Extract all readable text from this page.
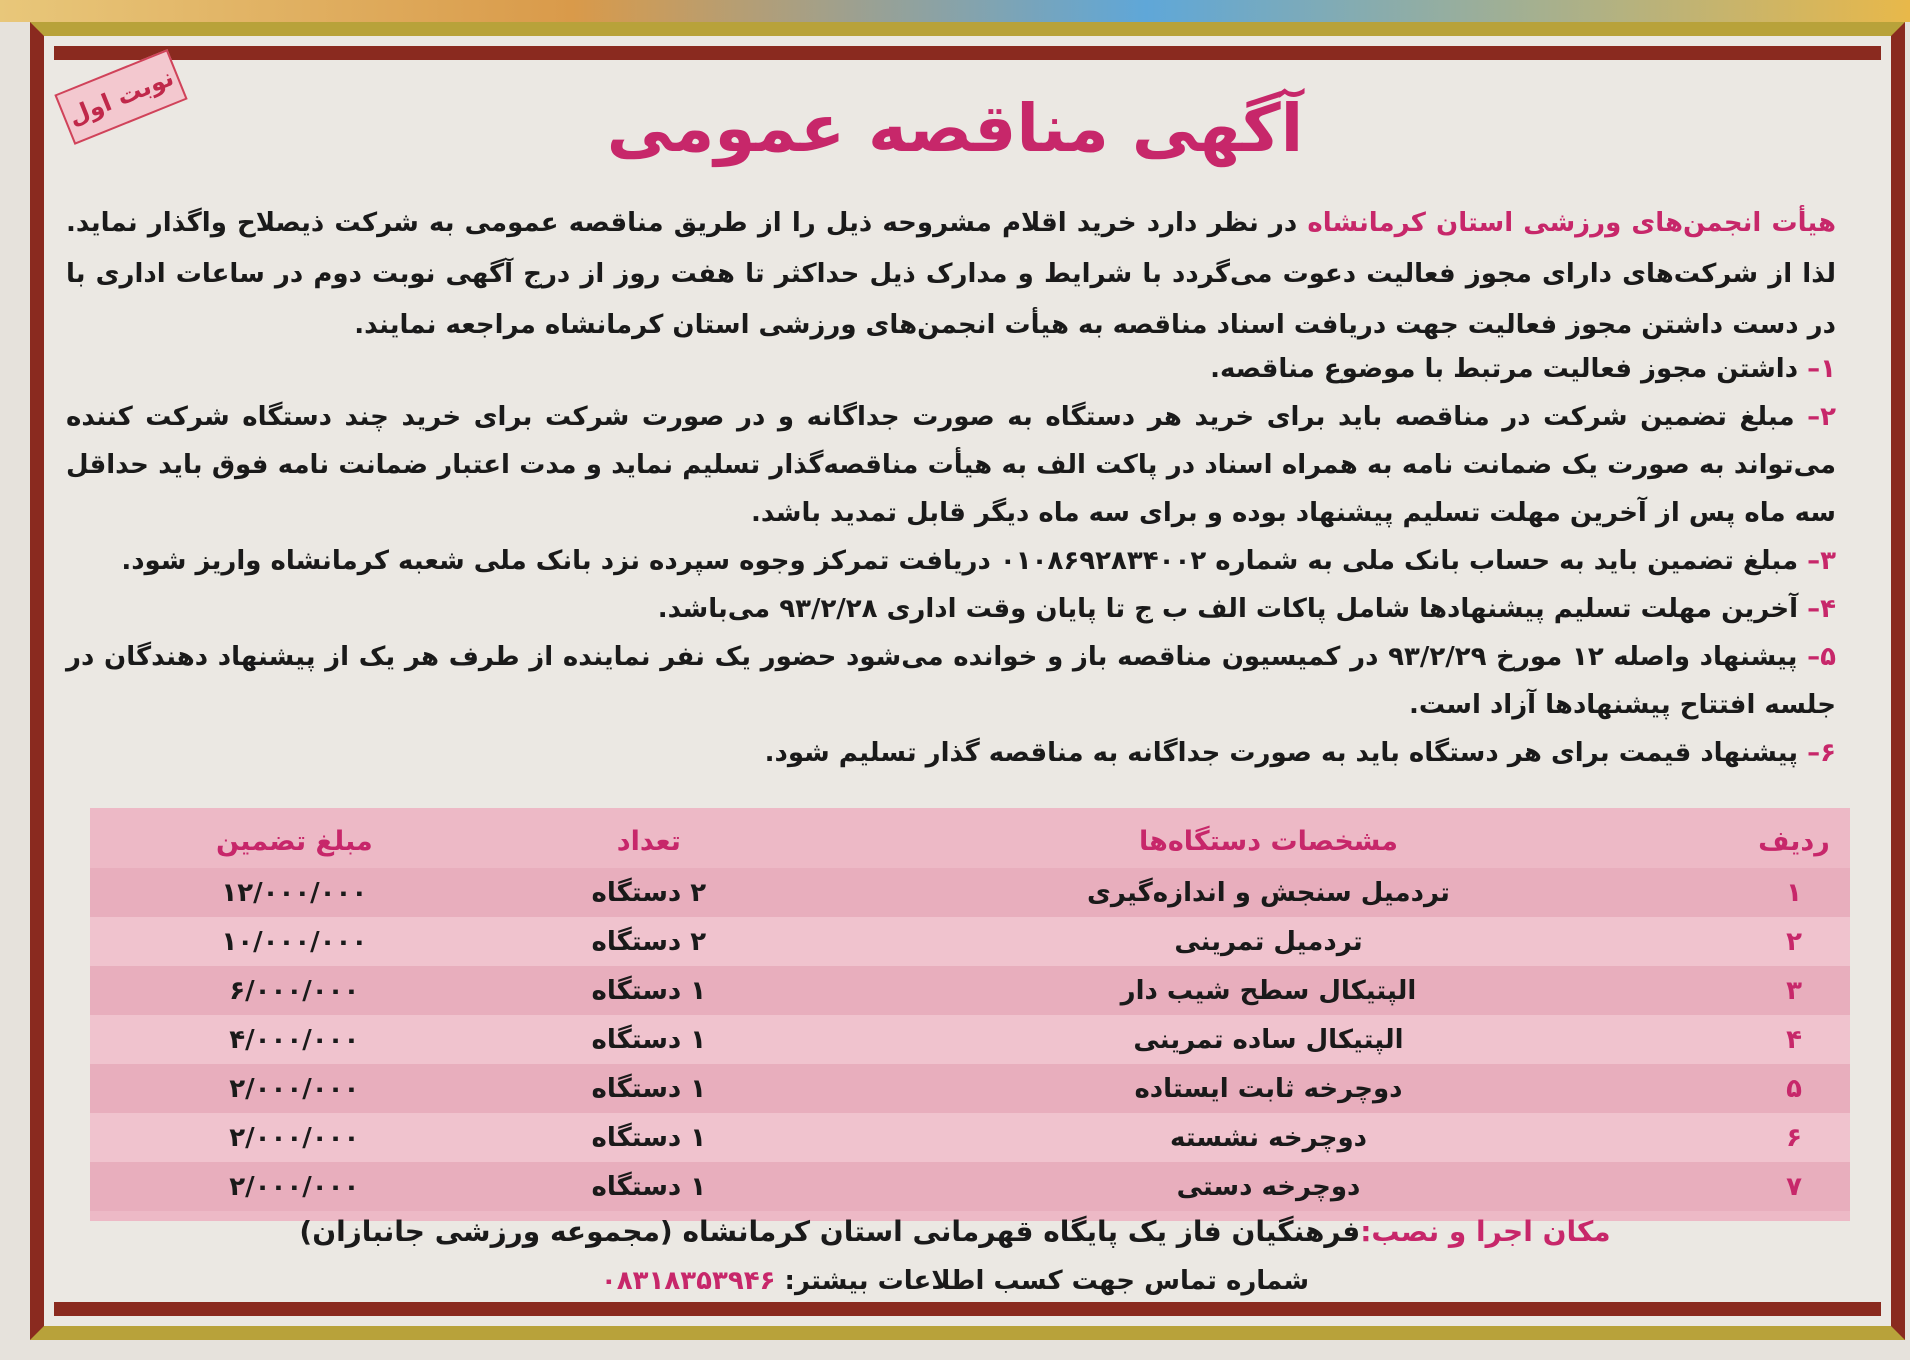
نوبت اول	آگهی مناقصه عمومی
هیأت انجمن‌های ورزشی استان کرمانشاه در نظر دارد خرید اقلام مشروحه ذیل را از طریق مناقصه عمومی به شرکت ذیصلاح واگذار نماید. لذا از شرکت‌های دارای مجوز فعالیت دعوت می‌گردد با شرایط و مدارک ذیل حداکثر تا هفت روز از درج آگهی نوبت دوم در ساعات اداری با در دست داشتن مجوز فعالیت جهت دریافت اسناد مناقصه به هیأت انجمن‌های ورزشی استان کرمانشاه مراجعه نمایند.
۱– داشتن مجوز فعالیت مرتبط با موضوع مناقصه.
۲– مبلغ تضمین شرکت در مناقصه باید برای خرید هر دستگاه به صورت جداگانه و در صورت شرکت برای خرید چند دستگاه شرکت کننده می‌تواند به صورت یک ضمانت نامه به همراه اسناد در پاکت الف به هیأت مناقصه‌گذار تسلیم نماید و مدت اعتبار ضمانت نامه فوق باید حداقل سه ماه پس از آخرین مهلت تسلیم پیشنهاد بوده و برای سه ماه دیگر قابل تمدید باشد.
۳– مبلغ تضمین باید به حساب بانک ملی به شماره ۰۱۰۸۶۹۲۸۳۴۰۰۲ دریافت تمرکز وجوه سپرده نزد بانک ملی شعبه کرمانشاه واریز شود.
۴– آخرین مهلت تسلیم پیشنهادها شامل پاکات الف ب ج تا پایان وقت اداری ۹۳/۲/۲۸ می‌باشد.
۵– پیشنهاد واصله ۱۲ مورخ ۹۳/۲/۲۹ در کمیسیون مناقصه باز و خوانده می‌شود حضور یک نفر نماینده از طرف هر یک از پیشنهاد دهندگان در جلسه افتتاح پیشنهادها آزاد است.
۶– پیشنهاد قیمت برای هر دستگاه باید به صورت جداگانه به مناقصه گذار تسلیم شود.
ردیف	مشخصات دستگاه‌ها	تعداد	مبلغ تضمین
۱	تردمیل سنجش و اندازه‌گیری	۲ دستگاه	۱۲/۰۰۰/۰۰۰
۲	تردمیل تمرینی	۲ دستگاه	۱۰/۰۰۰/۰۰۰
۳	الپتیکال سطح شیب دار	۱ دستگاه	۶/۰۰۰/۰۰۰
۴	الپتیکال ساده تمرینی	۱ دستگاه	۴/۰۰۰/۰۰۰
۵	دوچرخه ثابت ایستاده	۱ دستگاه	۲/۰۰۰/۰۰۰
۶	دوچرخه نشسته	۱ دستگاه	۲/۰۰۰/۰۰۰
۷	دوچرخه دستی	۱ دستگاه	۲/۰۰۰/۰۰۰
مکان اجرا و نصب:فرهنگیان فاز یک پایگاه قهرمانی استان کرمانشاه (مجموعه ورزشی جانبازان)
شماره تماس جهت کسب اطلاعات بیشتر: ۰۸۳۱۸۳۵۳۹۴۶
